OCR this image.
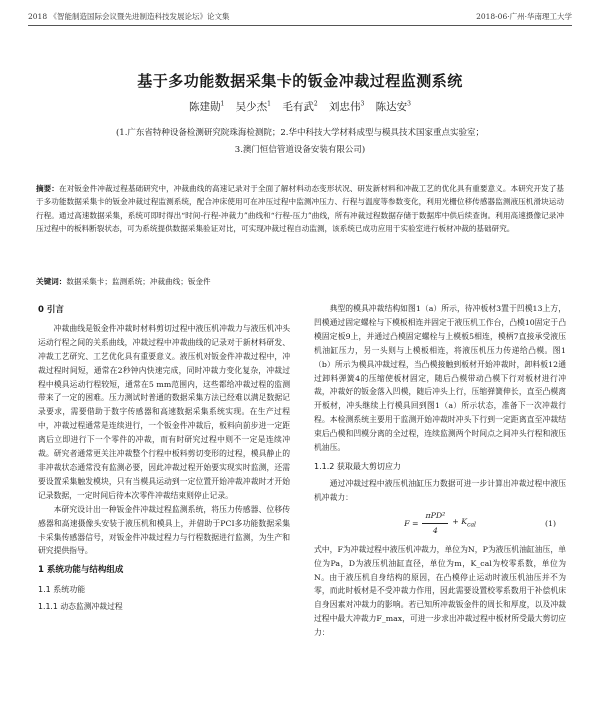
2018 《智能制造国际会议暨先进制造科技发展论坛》论文集	2018-06·广州·华南理工大学
基于多功能数据采集卡的钣金冲裁过程监测系统
陈建勋$^1$ 吴少杰$^1$ 毛有武$^2$ 刘忠伟$^3$ 陈达安$^3$
(1.广东省特种设备检测研究院珠海检测院；2.华中科技大学材料成型与模具技术国家重点实验室；
3.澳门恒信管道设备安装有限公司)
摘要：在对钣金件冲裁过程基础研究中，冲裁曲线的高速记录对于全面了解材料动态变形状况、研发新材料和冲裁工艺的优化具有重要意义。本研究开发了基于多功能数据采集卡的钣金冲裁过程监测系统，配合冲床使用可在冲压过程中监测冲压力、行程与温度等参数变化，利用光栅位移传感器监测液压机滑块运动行程。通过高速数据采集，系统可即时得出“时间-行程-冲裁力”曲线和“行程-压力”曲线，所有冲裁过程数据存储于数据库中供后续查询。利用高速摄像记录冲压过程中的板料断裂状态，可为系统提供数据采集验证对比，可实现冲裁过程自动监测，该系统已成功应用于实验室进行板材冲裁的基础研究。
关键词：数据采集卡；监测系统；冲裁曲线；钣金件
0 引言

冲裁曲线是钣金件冲裁时材料剪切过程中液压机冲裁力与液压机冲头运动行程之间的关系曲线，冲裁过程中冲裁曲线的记录对于新材料研发、冲裁工艺研究、工艺优化具有重要意义。液压机对钣金件冲裁过程中，冲裁过程时间短，通常在2秒钟内快速完成，同时冲裁力变化复杂，冲裁过程中模具运动行程较短，通常在5 mm范围内，这些都给冲裁过程的监测带来了一定的困难。压力测试时普通的数据采集方法已经难以满足数据记录要求，需要借助于数字传感器和高速数据采集系统实现。在生产过程中，冲裁过程通常是连续进行，一个钣金件冲裁后，板料向前步进一定距离后立即进行下一个零件的冲裁，而有时研究过程中则不一定是连续冲裁。研究者通常更关注冲裁整个行程中板料剪切变形的过程，模具静止的非冲裁状态通常没有监测必要，因此冲裁过程开始要实现实时监测，还需要设置采集触发模块，只有当模具运动到一定位置开始冲裁冲裁时才开始记录数据，一定时间后待本次零件冲裁结束则停止记录。

本研究设计出一种钣金件冲裁过程监测系统，将压力传感器、位移传感器和高速摄像头安装于液压机和模具上，并借助于PCI多功能数据采集卡采集传感器信号，对钣金件冲裁过程力与行程数据进行监测，为生产和研究提供指导。

1 系统功能与结构组成
1.1 系统功能
1.1.1 动态监测冲裁过程

典型的模具冲裁结构如图1（a）所示，待冲板材3置于凹模13上方，凹模通过固定螺栓与下模板相连并固定于液压机工作台，凸模10固定于凸模固定板9上，并通过凸模固定螺栓与上模板5相连，模柄7直接承受液压机油缸压力，另一头则与上模板相连，将液压机压力传递给凸模。图1（b）所示为模具冲裁过程，当凸模接触到板材开始冲裁时，卸料板12通过卸料弹簧4的压缩使板材固定，随后凸模带动凸模下行对板材进行冲裁，冲裁好的钣金落入凹模，随后冲头上行，压缩弹簧伸长，直至凸模离开板材，冲头继续上行模具回到图1（a）所示状态，准备下一次冲裁行程。本检测系统主要用于监测开始冲裁时冲头下行到一定距离直至冲裁结束后凸模和凹模分离的全过程，连续监测两个时间点之间冲头行程和液压机油压。

1.1.2 获取最大剪切应力

通过冲裁过程中液压机油缸压力数据可进一步计算出冲裁过程中液压机冲裁力：

$F = \frac{\text{πPD²}}{4} + K_{cal}$	(1)

式中，F为冲裁过程中液压机冲裁力，单位为N，P为液压机油缸油压，单位为Pa，D为液压机油缸直径，单位为m，K_cal为校零系数，单位为N。由于液压机自身结构的原因，在凸模停止运动时液压机油压并不为零，而此时板材是不受冲裁力作用，因此需要设置校零系数用于补偿机床自身因素对冲裁力的影响。若已知所冲裁钣金件的周长和厚度，以及冲裁过程中最大冲裁力F_max，可进一步求出冲裁过程中板材所受最大剪切应力：
